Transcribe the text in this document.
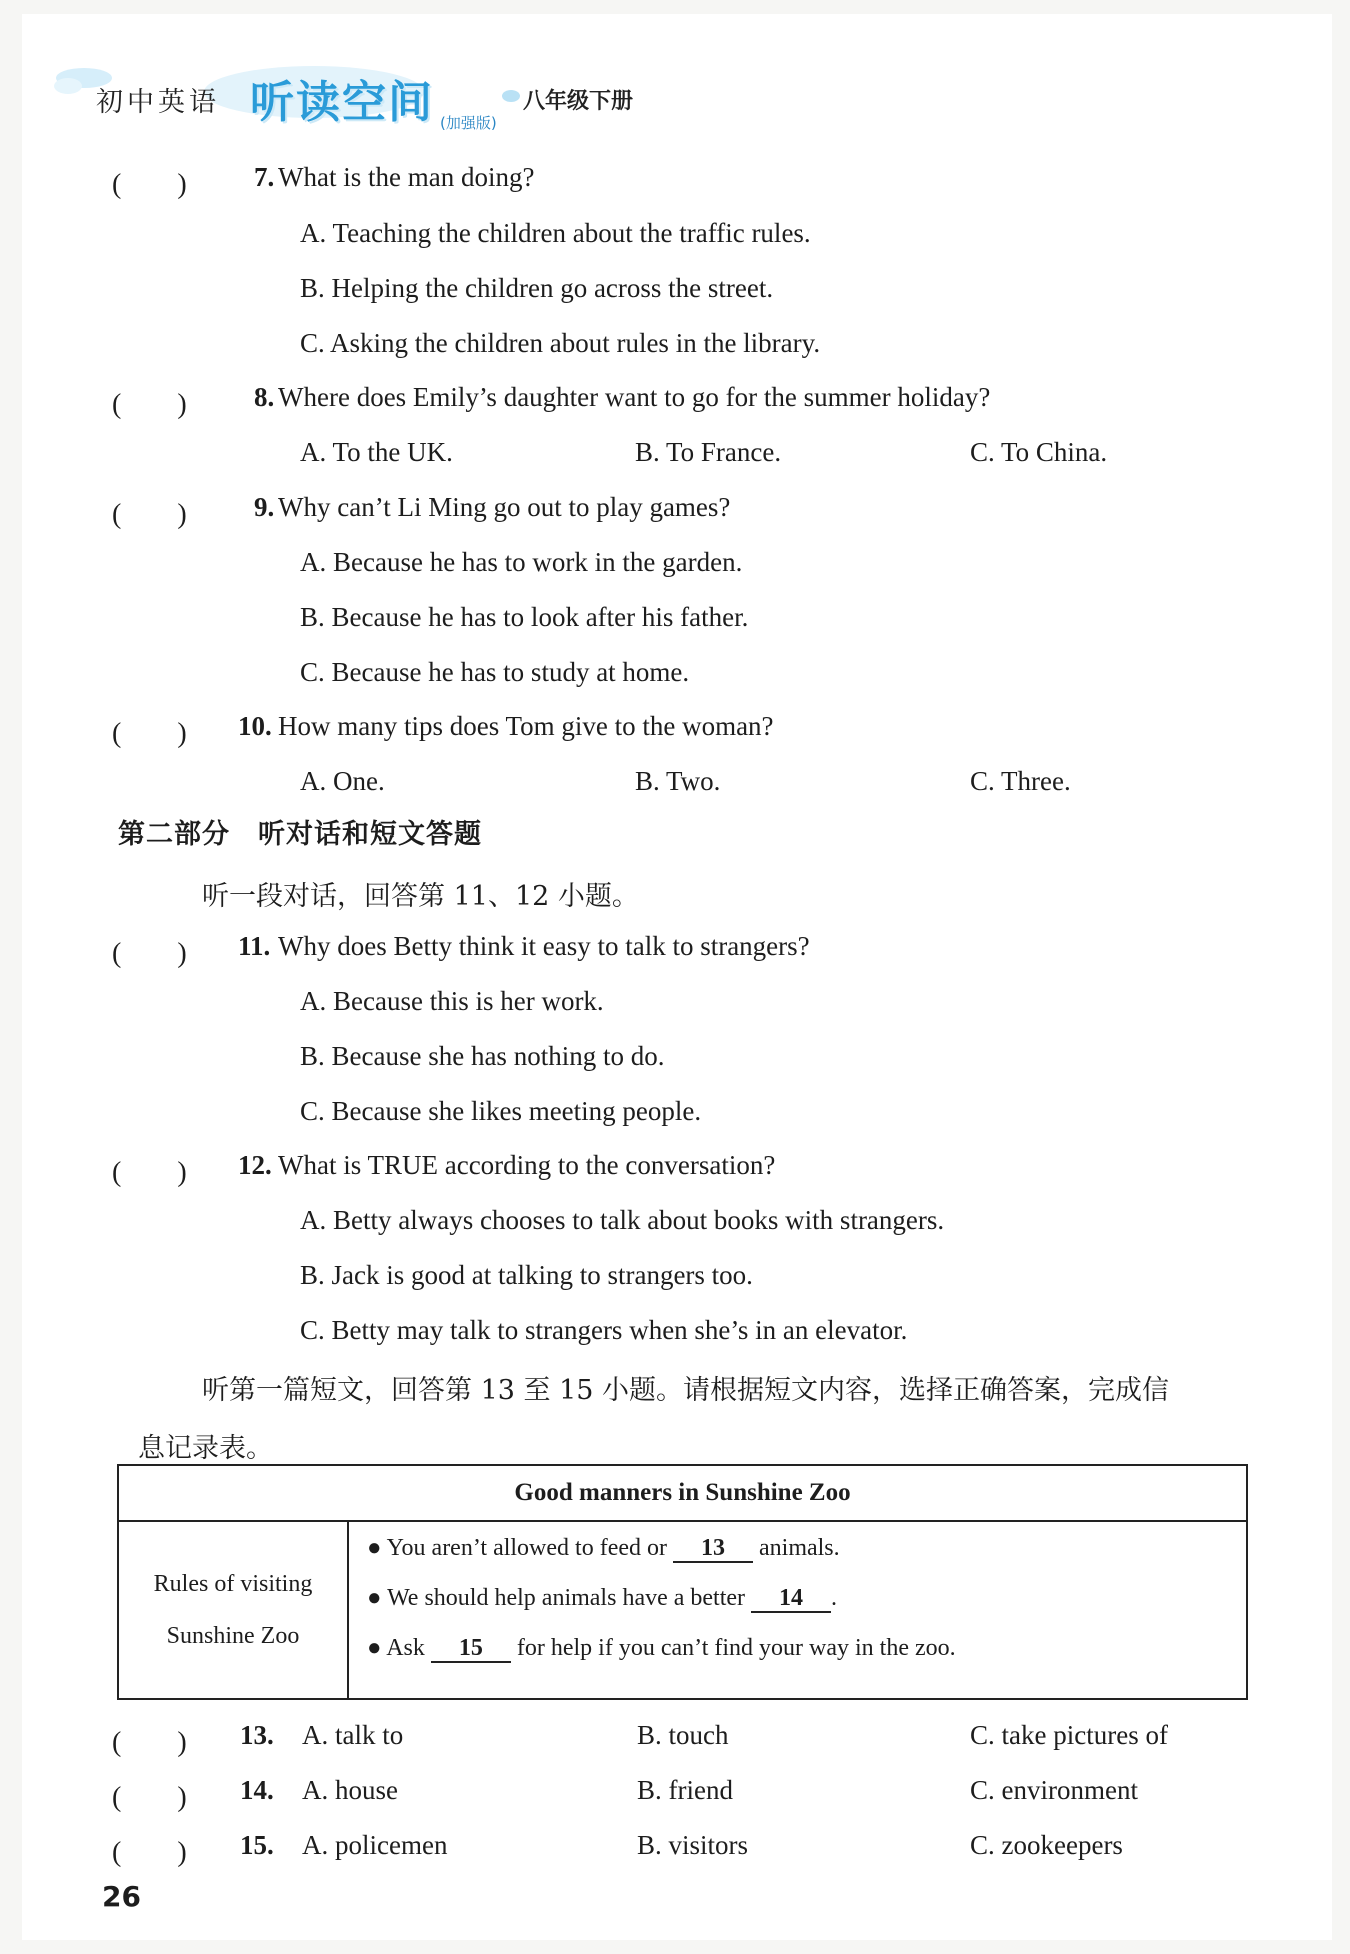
初中英语 听读空间 (加强版)
八年级下册
(　　) 7. What is the man doing?
A. Teaching the children about the traffic rules.
B. Helping the children go across the street.
C. Asking the children about rules in the library.
(　　) 8. Where does Emily’s daughter want to go for the summer holiday?
A. To the UK.	B. To France.	C. To China.
(　　) 9. Why can’t Li Ming go out to play games?
A. Because he has to work in the garden.
B. Because he has to look after his father.
C. Because he has to study at home.
(　　) 10. How many tips does Tom give to the woman?
A. One.	B. Two.	C. Three.
第二部分　听对话和短文答题
听一段对话，回答第 11、12 小题。
(　　) 11. Why does Betty think it easy to talk to strangers?
A. Because this is her work.
B. Because she has nothing to do.
C. Because she likes meeting people.
(　　) 12. What is TRUE according to the conversation?
A. Betty always chooses to talk about books with strangers.
B. Jack is good at talking to strangers too.
C. Betty may talk to strangers when she’s in an elevator.
听第一篇短文，回答第 13 至 15 小题。请根据短文内容，选择正确答案，完成信
息记录表。
Good manners in Sunshine Zoo

Rules of visiting
Sunshine Zoo

● You aren’t allowed to feed or 13 animals.
● We should help animals have a better 14 .
● Ask 15 for help if you can’t find your way in the zoo.
(　　) 13. A. talk to	B. touch	C. take pictures of
(　　) 14. A. house	B. friend	C. environment
(　　) 15. A. policemen	B. visitors	C. zookeepers
26
